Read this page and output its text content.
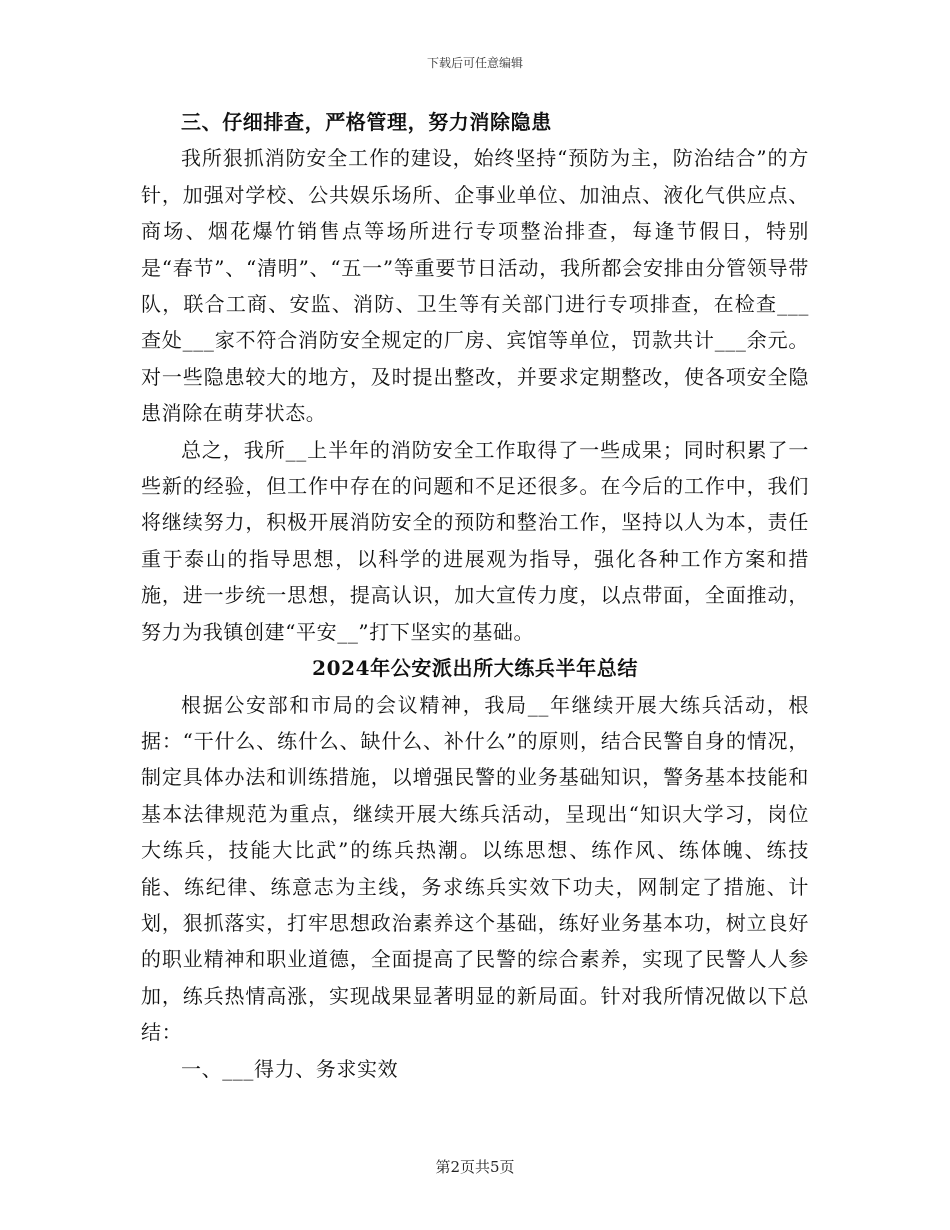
下载后可任意编辑
三、仔细排查，严格管理，努力消除隐患

我所狠抓消防安全工作的建设，始终坚持“预防为主，防治结合”的方针，加强对学校、公共娱乐场所、企事业单位、加油点、液化气供应点、商场、烟花爆竹销售点等场所进行专项整治排查，每逢节假日，特别是“春节”、“清明”、“五一”等重要节日活动，我所都会安排由分管领导带队，联合工商、安监、消防、卫生等有关部门进行专项排查，在检查___查处___家不符合消防安全规定的厂房、宾馆等单位，罚款共计___余元。对一些隐患较大的地方，及时提出整改，并要求定期整改，使各项安全隐患消除在萌芽状态。

总之，我所__上半年的消防安全工作取得了一些成果；同时积累了一些新的经验，但工作中存在的问题和不足还很多。在今后的工作中，我们将继续努力，积极开展消防安全的预防和整治工作，坚持以人为本，责任重于泰山的指导思想，以科学的进展观为指导，强化各种工作方案和措施，进一步统一思想，提高认识，加大宣传力度，以点带面，全面推动，努力为我镇创建“平安__”打下坚实的基础。

2024年公安派出所大练兵半年总结

根据公安部和市局的会议精神，我局__年继续开展大练兵活动，根据：“干什么、练什么、缺什么、补什么”的原则，结合民警自身的情况，制定具体办法和训练措施，以增强民警的业务基础知识，警务基本技能和基本法律规范为重点，继续开展大练兵活动，呈现出“知识大学习，岗位大练兵，技能大比武”的练兵热潮。以练思想、练作风、练体魄、练技能、练纪律、练意志为主线，务求练兵实效下功夫，网制定了措施、计划，狠抓落实，打牢思想政治素养这个基础，练好业务基本功，树立良好的职业精神和职业道德，全面提高了民警的综合素养，实现了民警人人参加，练兵热情高涨，实现战果显著明显的新局面。针对我所情况做以下总结：

一、___得力、务求实效

第2页共5页
